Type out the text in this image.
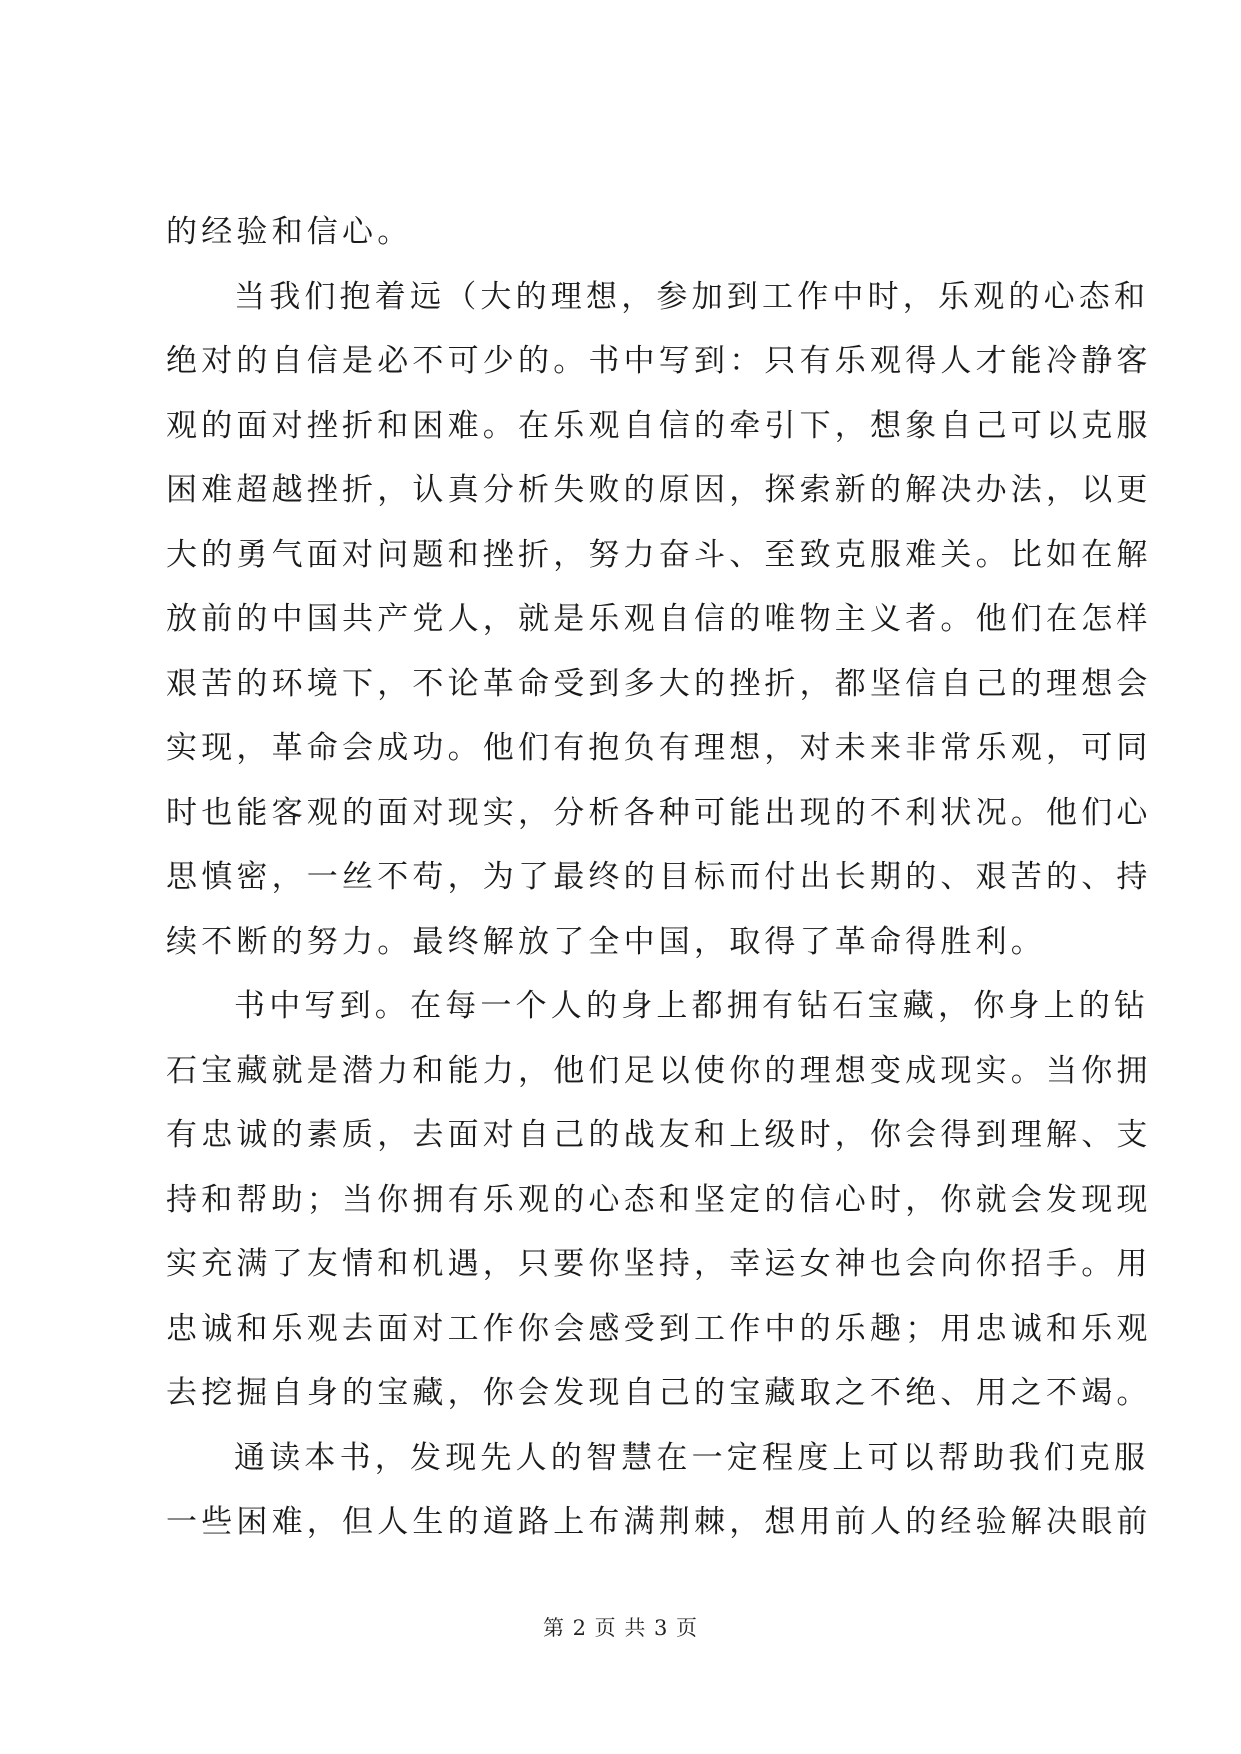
的经验和信心。
当我们抱着远（大的理想，参加到工作中时，乐观的心态和
绝对的自信是必不可少的。书中写到：只有乐观得人才能冷静客
观的面对挫折和困难。在乐观自信的牵引下，想象自己可以克服
困难超越挫折，认真分析失败的原因，探索新的解决办法，以更
大的勇气面对问题和挫折，努力奋斗、至致克服难关。比如在解
放前的中国共产党人，就是乐观自信的唯物主义者。他们在怎样
艰苦的环境下，不论革命受到多大的挫折，都坚信自己的理想会
实现，革命会成功。他们有抱负有理想，对未来非常乐观，可同
时也能客观的面对现实，分析各种可能出现的不利状况。他们心
思慎密，一丝不苟，为了最终的目标而付出长期的、艰苦的、持
续不断的努力。最终解放了全中国，取得了革命得胜利。
书中写到。在每一个人的身上都拥有钻石宝藏，你身上的钻
石宝藏就是潜力和能力，他们足以使你的理想变成现实。当你拥
有忠诚的素质，去面对自己的战友和上级时，你会得到理解、支
持和帮助；当你拥有乐观的心态和坚定的信心时，你就会发现现
实充满了友情和机遇，只要你坚持，幸运女神也会向你招手。用
忠诚和乐观去面对工作你会感受到工作中的乐趣；用忠诚和乐观
去挖掘自身的宝藏，你会发现自己的宝藏取之不绝、用之不竭。
通读本书，发现先人的智慧在一定程度上可以帮助我们克服
一些困难，但人生的道路上布满荆棘，想用前人的经验解决眼前
第 2 页 共 3 页
